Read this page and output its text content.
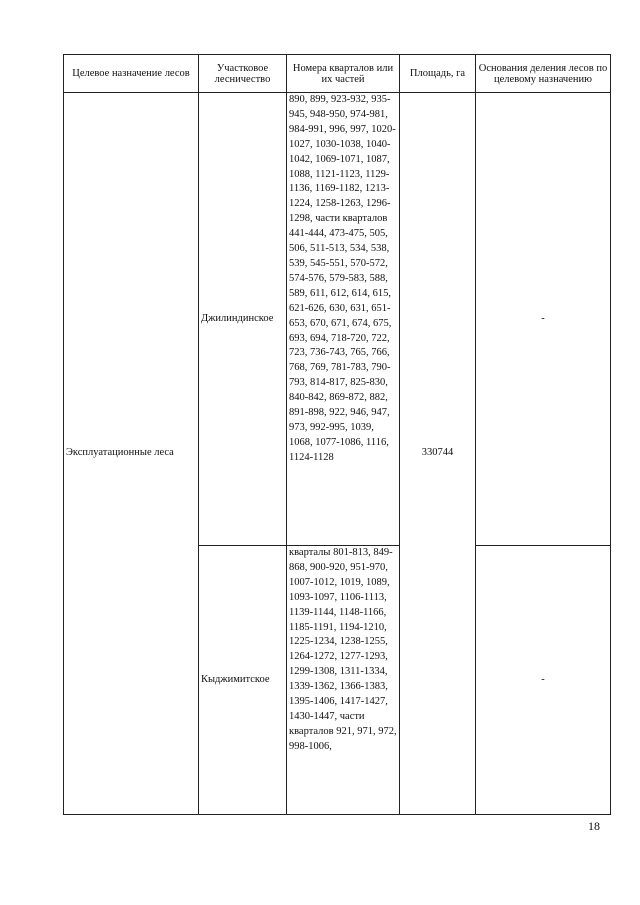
Целевое назначение лесов	Участковое лесничество	Номера кварталов или их частей	Площадь, га	Основания деления лесов по целевому назначению
Эксплуатационные леса	Джилиндинское	890, 899, 923-932, 935-945, 948-950, 974-981, 984-991, 996, 997, 1020-1027, 1030-1038, 1040-1042, 1069-1071, 1087, 1088, 1121-1123, 1129-1136, 1169-1182, 1213-1224, 1258-1263, 1296-1298, части кварталов 441-444, 473-475, 505, 506, 511-513, 534, 538, 539, 545-551, 570-572, 574-576, 579-583, 588, 589, 611, 612, 614, 615, 621-626, 630, 631, 651-653, 670, 671, 674, 675, 693, 694, 718-720, 722, 723, 736-743, 765, 766, 768, 769, 781-783, 790-793, 814-817, 825-830, 840-842, 869-872, 882, 891-898, 922, 946, 947, 973, 992-995, 1039, 1068, 1077-1086, 1116, 1124-1128	330744	-
	Кыджимитское	кварталы 801-813, 849-868, 900-920, 951-970, 1007-1012, 1019, 1089, 1093-1097, 1106-1113, 1139-1144, 1148-1166, 1185-1191, 1194-1210, 1225-1234, 1238-1255, 1264-1272, 1277-1293, 1299-1308, 1311-1334, 1339-1362, 1366-1383, 1395-1406, 1417-1427, 1430-1447, части кварталов 921, 971, 972, 998-1006,		-
18
